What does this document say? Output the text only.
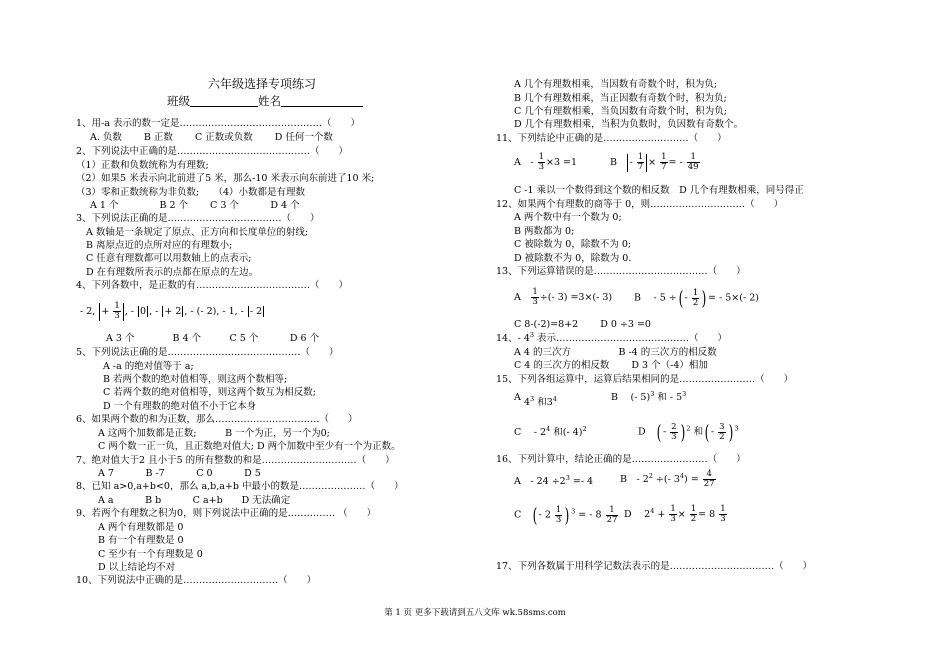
六年级选择专项练习
班级	姓名
1、用-a 表示的数一定是………………………………………（　　）
A. 负数　　 B 正数　　 C 正数或负数　　 D 任何一个数
2、下列说法中正确的是……………………………………（　　）
（1）正数和负数统称为有理数;
（2）如果5 米表示向北前进了5 米，那么-10 米表示向东前进了10 米;
（3）零和正数统称为非负数;　　（4）小数都是有理数
A 1 个　　　　 B 2 个　　 C 3 个　　　 D 4 个
3、下列说法正确的是………………………………（　　）
A 数轴是一条规定了原点、正方向和长度单位的射线;
B 离原点近的点所对应的有理数小;
C 任意有理数都可以用数轴上的点表示;
D 在有理数所表示的点都在原点的左边。
4、下列各数中，是正数的有………………………………（　　）
- 2, + $\frac{1}{3}$ , - 0 , - + 2 , - (- 2), - 1, - - 2
A 3 个　　　　B 4 个　　　C 5 个　　　 D 6 个
5、下列说法正确的是……………………………………（　　）
A -a 的绝对值等于 a;
B 若两个数的绝对值相等，则这两个数相等;
C 若两个数的绝对值相等，则这两个数互为相反数;
D 一个有理数的绝对值不小于它本身
6、如果两个数的和为正数，那么……………………………（　　）
A 这两个加数都是正数;　　　B 一个为正，另一个为0;
C 两个数一正一负，且正数绝对值大; D 两个加数中至少有一个为正数。
7、绝对值大于2 且小于5 的所有整数的和是…………………………（　　）
A 7　　　 B -7　　　 C 0　　　 D 5
8、已知 a>0,a+b<0，那么 a,b,a+b 中最小的数是…………………（　　）
A a　　　 B b　　　 C a+b　　D 无法确定
9、若两个有理数之积为0，则下列说法中正确的是…………… （　　）
A 两个有理数都是 0
B 有一个有理数是 0
C 至少有一个有理数是 0
D 以上结论均不对
10、下列说法中正确的是…………………………（　　）
A 几个有理数相乘，当因数有奇数个时，积为负;
B 几个有理数相乘，当正因数有奇数个时，积为负;
C 几个有理数相乘，当负因数有奇数个时，积为负;
D 几个有理数相乘，当积为负数时，负因数有奇数个。
11、下列结论中正确的是………………………（　　）
A　- $\frac{1}{3} \times 3 =1$	B　- $\frac{1}{7} \times \frac{1}{7}$ = - $\frac{1}{49}$
C -1 乘以一个数得到这个数的相反数　D 几个有理数相乘，同号得正
12、如果两个有理数的商等于 0，则…………………………（　　）
A 两个数中有一个数为 0;
B 两数都为 0;
C 被除数为 0，除数不为 0;
D 被除数不为 0，除数为 0.
13、下列运算错误的是………………………………（　　）
A　 $\frac{1}{3}$ ÷(- 3) =3×(- 3) B　 - 5 ÷( - $\frac{1}{2}$ ) = - 5×(- 2)
C 8-(-2)=8+2　　 D 0 ÷3 =0
14、- $4^3$ 表示……………………………………（　　）
A 4 的三次方　　　　　B -4 的三次方的相反数
C 4 的三次方的相反数　　 D 3 个（-4）相加
15、下列各组运算中，运算后结果相同的是……………………（　　）
A $4^3$ 和$3^4$	B　 (- 5)$^3$ 和 - $5^3$
C　 - $2^4$ 和(- 4)$^2$	D　( - $\frac{2}{3}$ ) $^2$ 和( - $\frac{3}{2}$ ) $^3$
16、下列计算中，结论正确的是……………………（　　）
A　- $24 \div 2^3 =- 4$	B　- $2^2$ ÷(- $3^4) = \frac{4}{27}$
C　( - $2 \frac{1}{3}$ ) $^3$ = - $8 \frac{1}{27}$ D　 $2^4 + \frac{1}{3} \times \frac{1}{2} = 8 \frac{1}{3}$
17、下列各数属于用科学记数法表示的是……………………………（　　）
第 1 页 更多下载请到五八文库 wk.58sms.com
